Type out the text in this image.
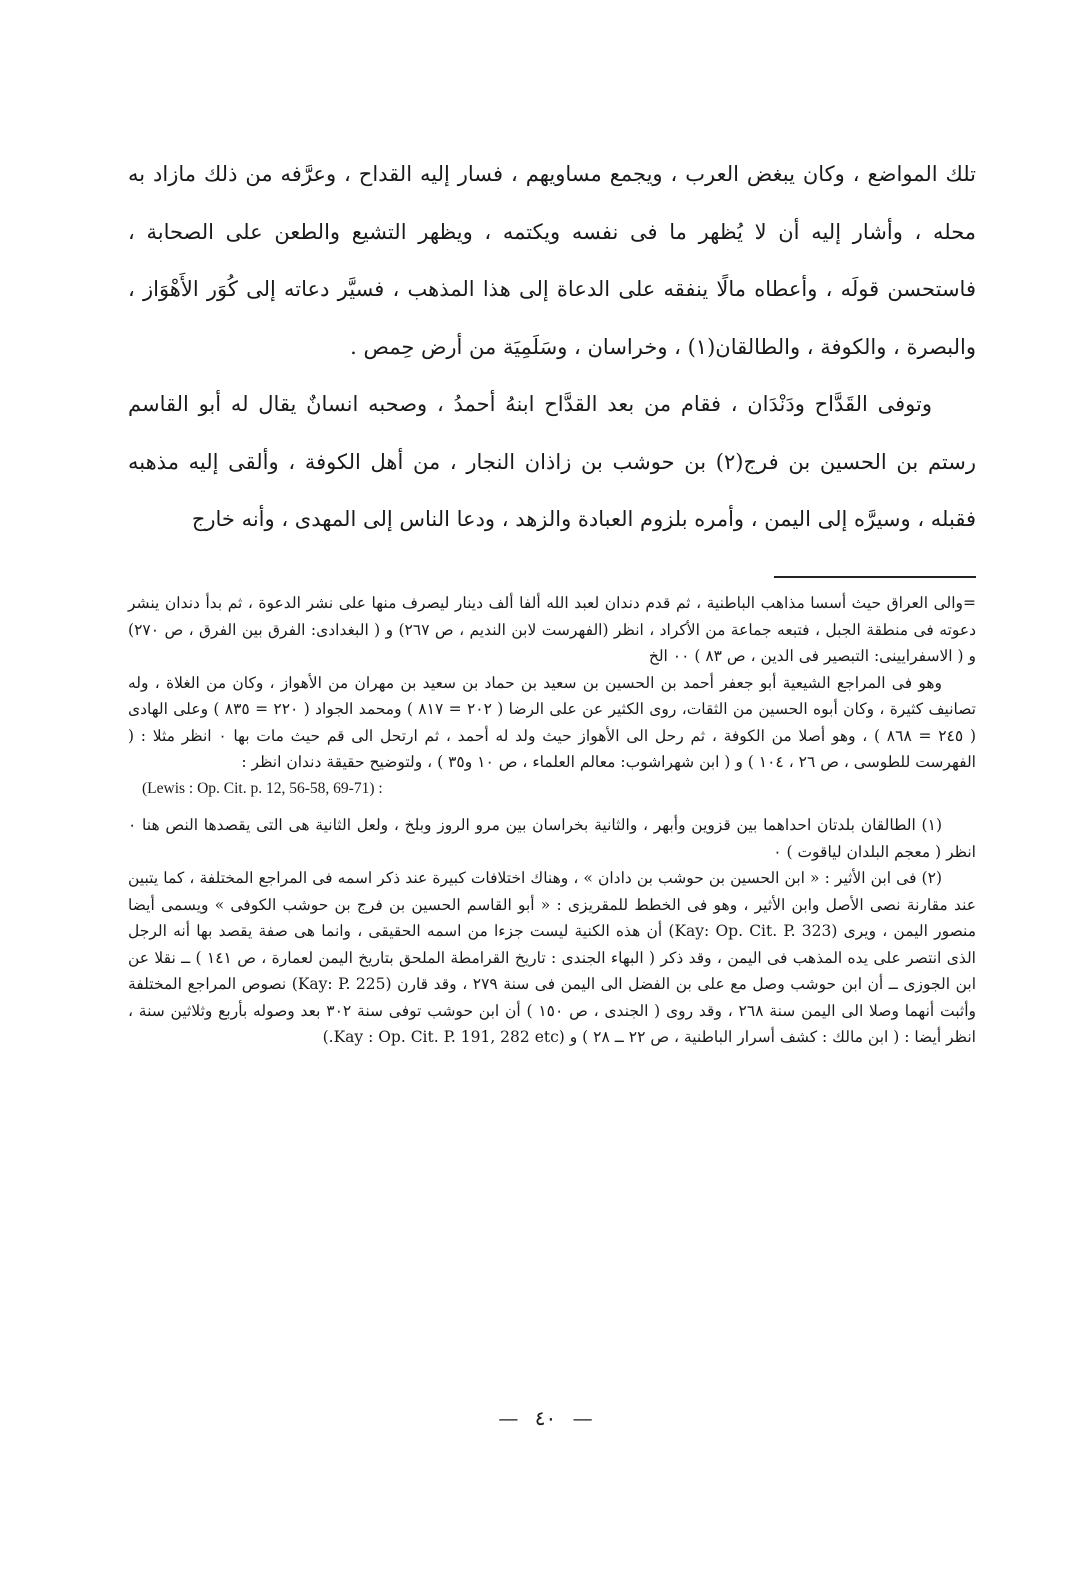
تلك المواضع ، وكان يبغض العرب ، ويجمع مساويهم ، فسار إليه القداح ، وعرَّفه من ذلك مازاد به محله ، وأشار إليه أن لا يُظهر ما فى نفسه ويكتمه ، ويظهر التشيع والطعن على الصحابة ، فاستحسن قولَه ، وأعطاه مالًا ينفقه على الدعاة إلى هذا المذهب ، فسيَّر دعاته إلى كُوَر الأَهْوَاز ، والبصرة ، والكوفة ، والطالقان(١) ، وخراسان ، وسَلَمِيَة من أرض حِمص .

وتوفى القَدَّاح ودَنْدَان ، فقام من بعد القدَّاح ابنهُ أحمدُ ، وصحبه انسانٌ يقال له أبو القاسم رستم بن الحسين بن فرج(٢) بن حوشب بن زاذان النجار ، من أهل الكوفة ، وألقى إليه مذهبه فقبله ، وسيرَّه إلى اليمن ، وأمره بلزوم العبادة والزهد ، ودعا الناس إلى المهدى ، وأنه خارج

=والى العراق حيث أسسا مذاهب الباطنية ، ثم قدم دندان لعبد الله ألفا ألف دينار ليصرف منها على نشر الدعوة ، ثم بدأ دندان ينشر دعوته فى منطقة الجبل ، فتبعه جماعة من الأكراد ، انظر (الفهرست لابن النديم ، ص ٢٦٧) و ( البغدادى: الفرق بين الفرق ، ص ٢٧٠) و ( الاسفرايينى: التبصير فى الدين ، ص ٨٣ ) ٠٠ الخ

وهو فى المراجع الشيعية أبو جعفر أحمد بن الحسين بن سعيد بن حماد بن سعيد بن مهران من الأهواز ، وكان من الغلاة ، وله تصانيف كثيرة ، وكان أبوه الحسين من الثقات، روى الكثير عن على الرضا ( ٢٠٢ = ٨١٧ ) ومحمد الجواد ( ٢٢٠ = ٨٣٥ ) وعلى الهادى ( ٢٤٥ = ٨٦٨ ) ، وهو أصلا من الكوفة ، ثم رحل الى الأهواز حيث ولد له أحمد ، ثم ارتحل الى قم حيث مات بها ٠ انظر مثلا : ( الفهرست للطوسى ، ص ٢٦ ، ١٠٤ ) و ( ابن شهراشوب: معالم العلماء ، ص ١٠ و٣٥ ) ، ولتوضيح حقيقة دندان انظر :

(Lewis : Op. Cit. p. 12, 56-58, 69-71) :

(١) الطالقان بلدتان احداهما بين قزوين وأبهر ، والثانية بخراسان بين مرو الروز وبلخ ، ولعل الثانية هى التى يقصدها النص هنا ٠ انظر ( معجم البلدان لياقوت ) ٠

(٢) فى ابن الأثير : « ابن الحسين بن حوشب بن دادان » ، وهناك اختلافات كبيرة عند ذكر اسمه فى المراجع المختلفة ، كما يتبين عند مقارنة نصى الأصل وابن الأثير ، وهو فى الخطط للمقريزى : « أبو القاسم الحسين بن فرج بن حوشب الكوفى » ويسمى أيضا منصور اليمن ، ويرى (Kay: Op. Cit. P. 323) أن هذه الكنية ليست جزءا من اسمه الحقيقى ، وانما هى صفة يقصد بها أنه الرجل الذى انتصر على يده المذهب فى اليمن ، وقد ذكر ( البهاء الجندى : تاريخ القرامطة الملحق بتاريخ اليمن لعمارة ، ص ١٤١ ) ــ نقلا عن ابن الجوزى ــ أن ابن حوشب وصل مع على بن الفضل الى اليمن فى سنة ٢٧٩ ، وقد قارن (Kay: P. 225) نصوص المراجع المختلفة وأثبت أنهما وصلا الى اليمن سنة ٢٦٨ ، وقد روى ( الجندى ، ص ١٥٠ ) أن ابن حوشب توفى سنة ٣٠٢ بعد وصوله بأربع وثلاثين سنة ، انظر أيضا : ( ابن مالك : كشف أسرار الباطنية ، ص ٢٢ ــ ٢٨ ) و (Kay : Op. Cit. P. 191, 282 etc.)

— ٤٠ —
